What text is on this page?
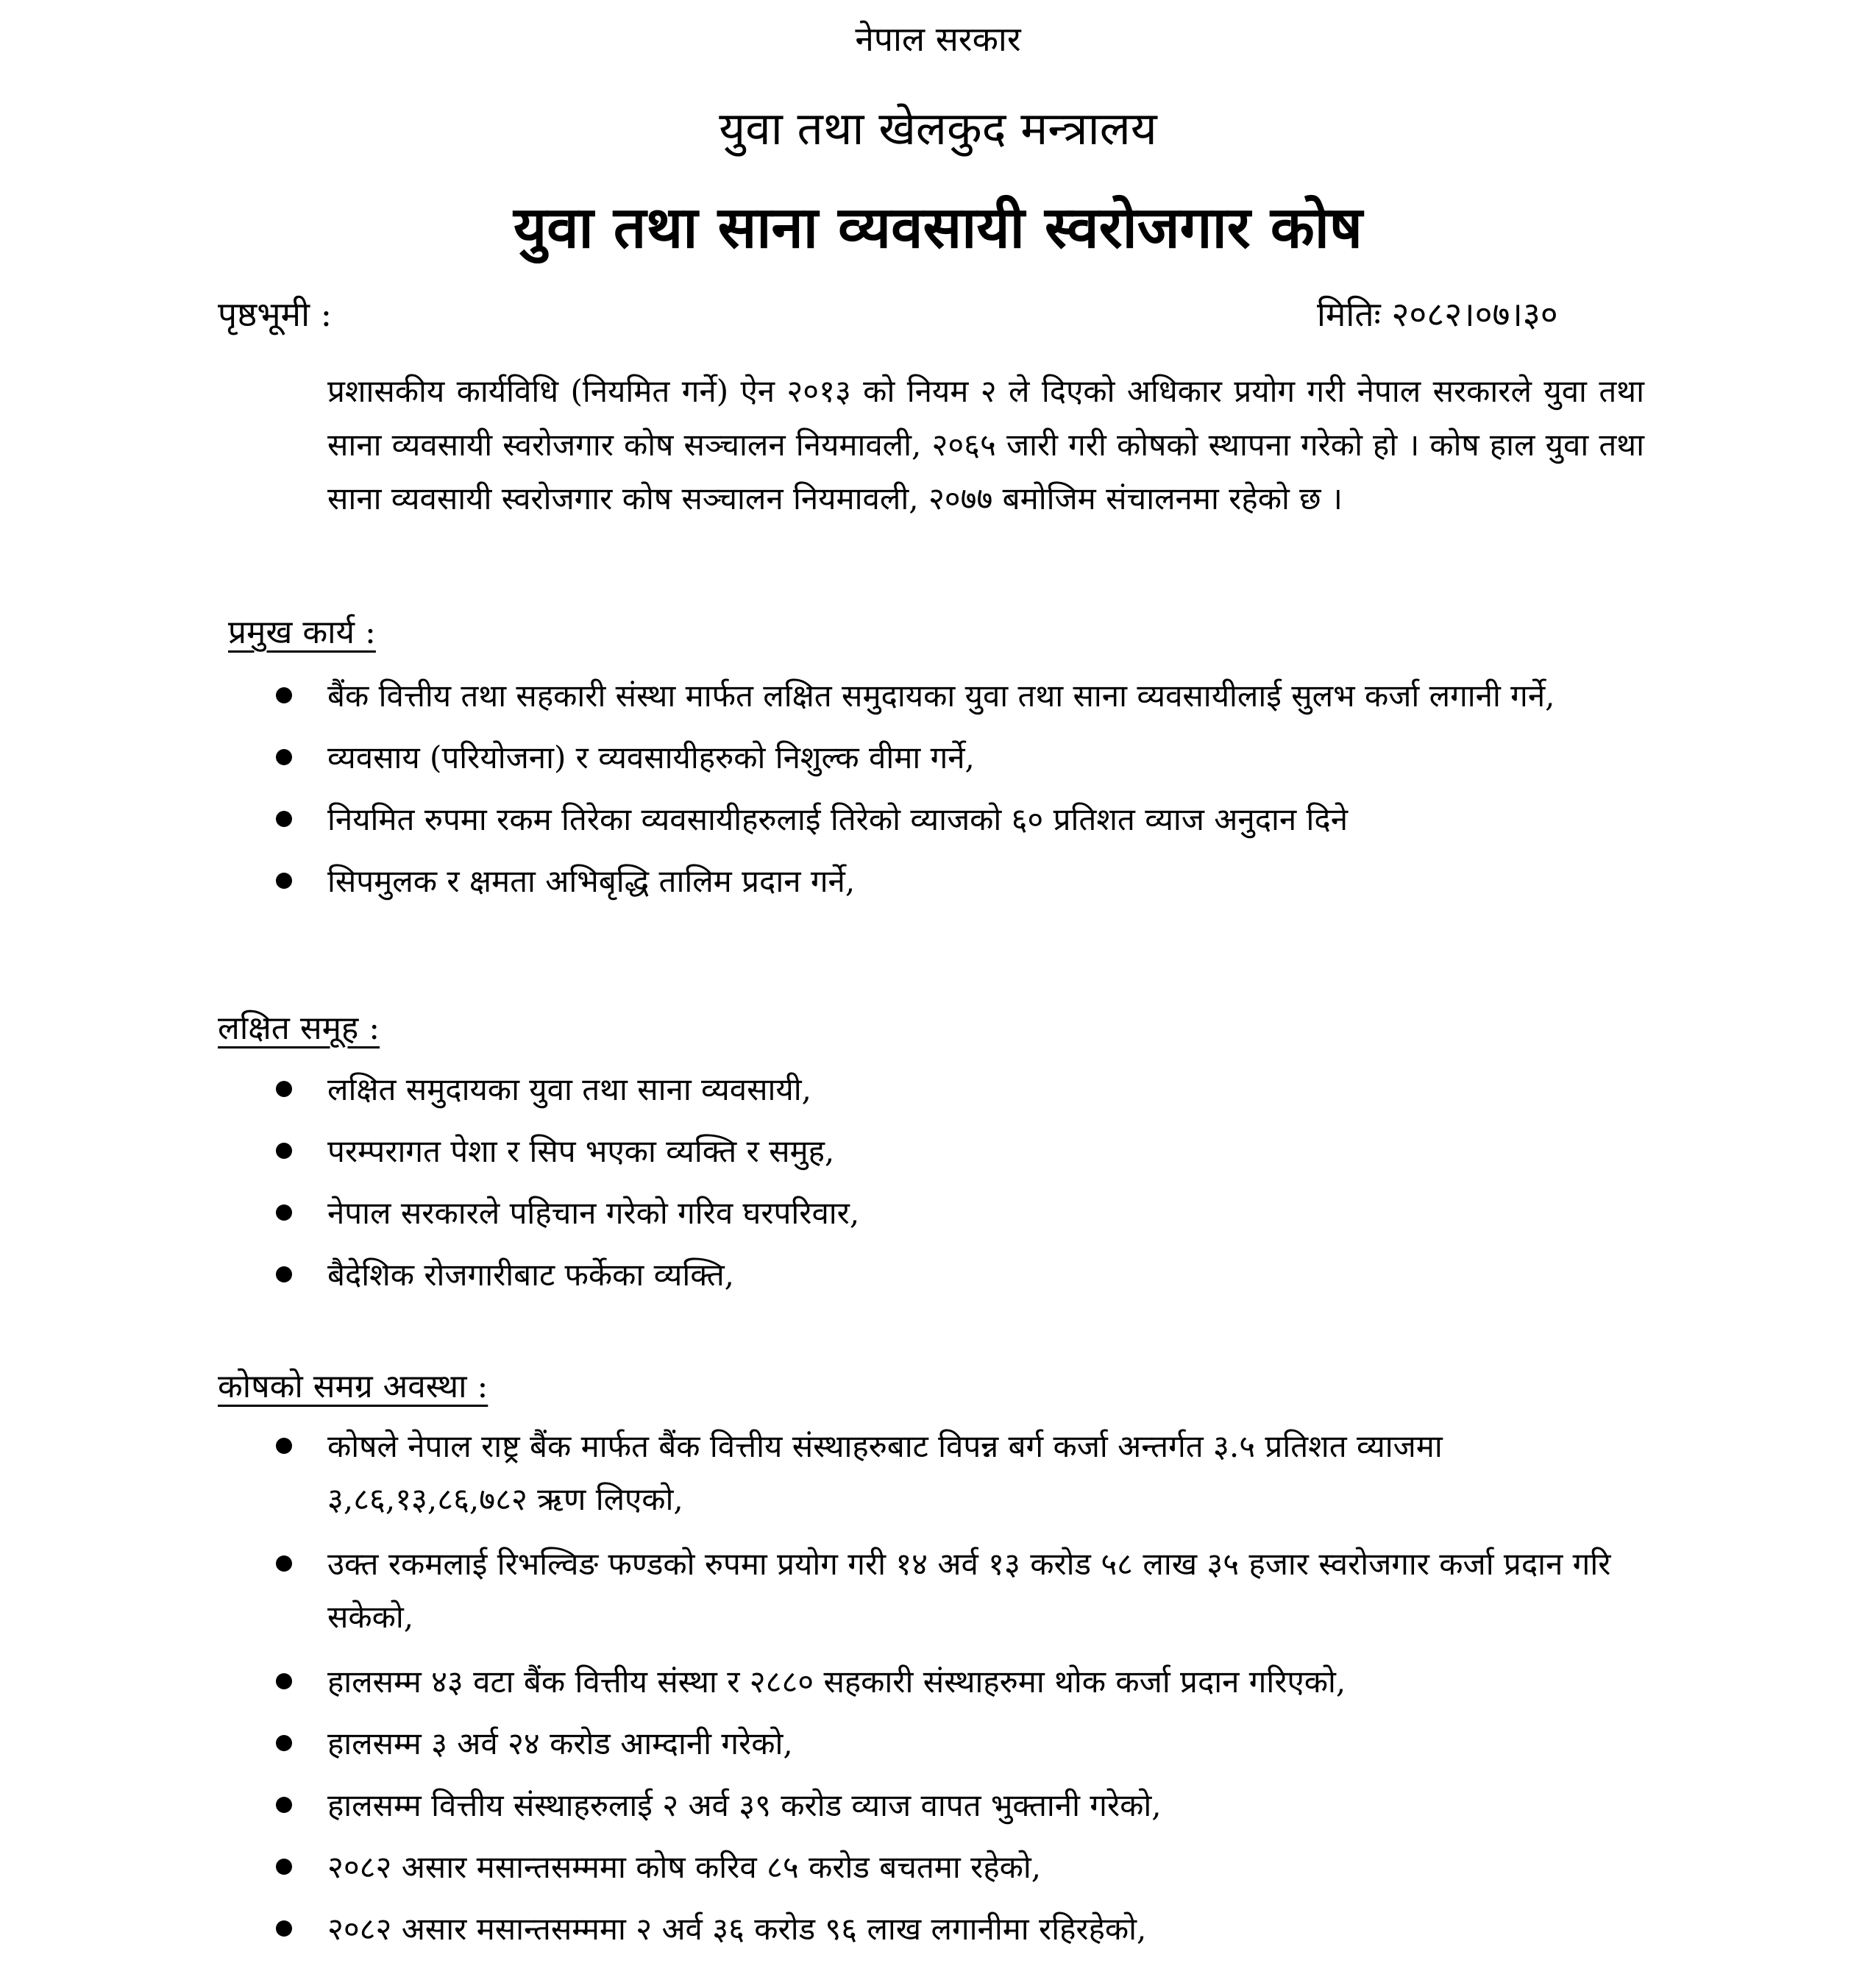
नेपाल सरकार
युवा तथा खेलकुद मन्त्रालय
युवा तथा साना व्यवसायी स्वरोजगार कोष
पृष्ठभूमी :	मितिः २०८२।०७।३०
प्रशासकीय कार्यविधि (नियमित गर्ने) ऐन २०१३ को नियम २ ले दिएको अधिकार प्रयोग गरी नेपाल सरकारले युवा तथा साना व्यवसायी स्वरोजगार कोष सञ्चालन नियमावली, २०६५ जारी गरी कोषको स्थापना गरेको हो । कोष हाल युवा तथा साना व्यवसायी स्वरोजगार कोष सञ्चालन नियमावली, २०७७ बमोजिम संचालनमा रहेको छ ।
प्रमुख कार्य :
बैंक वित्तीय तथा सहकारी संस्था मार्फत लक्षित समुदायका युवा तथा साना व्यवसायीलाई सुलभ कर्जा लगानी गर्ने,
व्यवसाय (परियोजना) र व्यवसायीहरुको निशुल्क वीमा गर्ने,
नियमित रुपमा रकम तिरेका व्यवसायीहरुलाई तिरेको व्याजको ६० प्रतिशत व्याज अनुदान दिने
सिपमुलक र क्षमता अभिबृद्धि तालिम प्रदान गर्ने,
लक्षित समूह :
लक्षित समुदायका युवा तथा साना व्यवसायी,
परम्परागत पेशा र सिप भएका व्यक्ति र समुह,
नेपाल सरकारले पहिचान गरेको गरिव घरपरिवार,
बैदेशिक रोजगारीबाट फर्केका व्यक्ति,
कोषको समग्र अवस्था :
कोषले नेपाल राष्ट्र बैंक मार्फत बैंक वित्तीय संस्थाहरुबाट विपन्न बर्ग कर्जा अन्तर्गत ३.५ प्रतिशत व्याजमा ३,८६,१३,८६,७८२ ऋण लिएको,
उक्त रकमलाई रिभल्विङ फण्डको रुपमा प्रयोग गरी १४ अर्व १३ करोड ५८ लाख ३५ हजार स्वरोजगार कर्जा प्रदान गरि सकेको,
हालसम्म ४३ वटा बैंक वित्तीय संस्था र २८८० सहकारी संस्थाहरुमा थोक कर्जा प्रदान गरिएको,
हालसम्म ३ अर्व २४ करोड आम्दानी गरेको,
हालसम्म वित्तीय संस्थाहरुलाई २ अर्व ३९ करोड व्याज वापत भुक्तानी गरेको,
२०८२ असार मसान्तसम्ममा कोष करिव ८५ करोड बचतमा रहेको,
२०८२ असार मसान्तसम्ममा २ अर्व ३६ करोड ९६ लाख लगानीमा रहिरहेको,
